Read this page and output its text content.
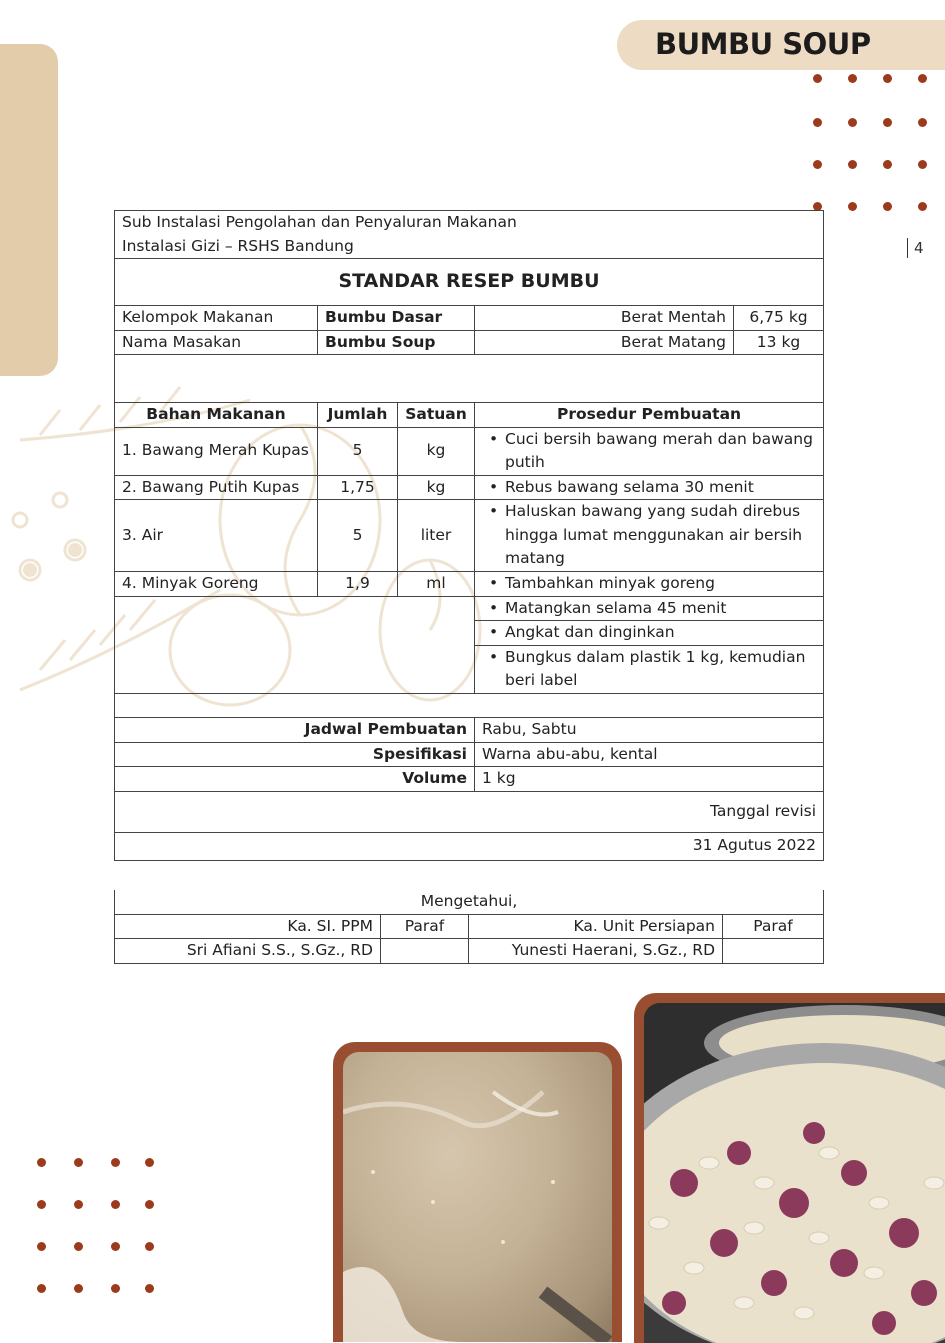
BUMBU SOUP
4
Sub Instalasi Pengolahan dan Penyaluran Makanan
Instalasi Gizi – RSHS Bandung				

STANDAR RESEP BUMBU				
Kelompok Makanan	Bumbu Dasar		Berat Mentah	6,75 kg
Nama Masakan	Bumbu Soup		Berat Matang	13 kg

Bahan Makanan	Jumlah	Satuan	Prosedur Pembuatan	
1. Bawang Merah Kupas	5	kg	• Cuci bersih bawang merah dan bawang putih
2. Bawang Putih Kupas	1,75	kg	• Rebus bawang selama 30 menit
3. Air	5	liter	• Haluskan bawang yang sudah direbus hingga lumat menggunakan air bersih matang
4. Minyak Goreng	1,9	ml	• Tambahkan minyak goreng
			• Matangkan selama 45 menit
			• Angkat dan dinginkan
			• Bungkus dalam plastik 1 kg, kemudian beri label

Jadwal Pembuatan			Rabu, Sabtu	
Spesifikasi			Warna abu-abu, kental	
Volume			1 kg	
Tanggal revisi				
31 Agutus 2022				
Mengetahui,			
Ka. SI. PPM	Paraf	Ka. Unit Persiapan	Paraf
Sri Afiani S.S., S.Gz., RD		Yunesti Haerani, S.Gz., RD	
